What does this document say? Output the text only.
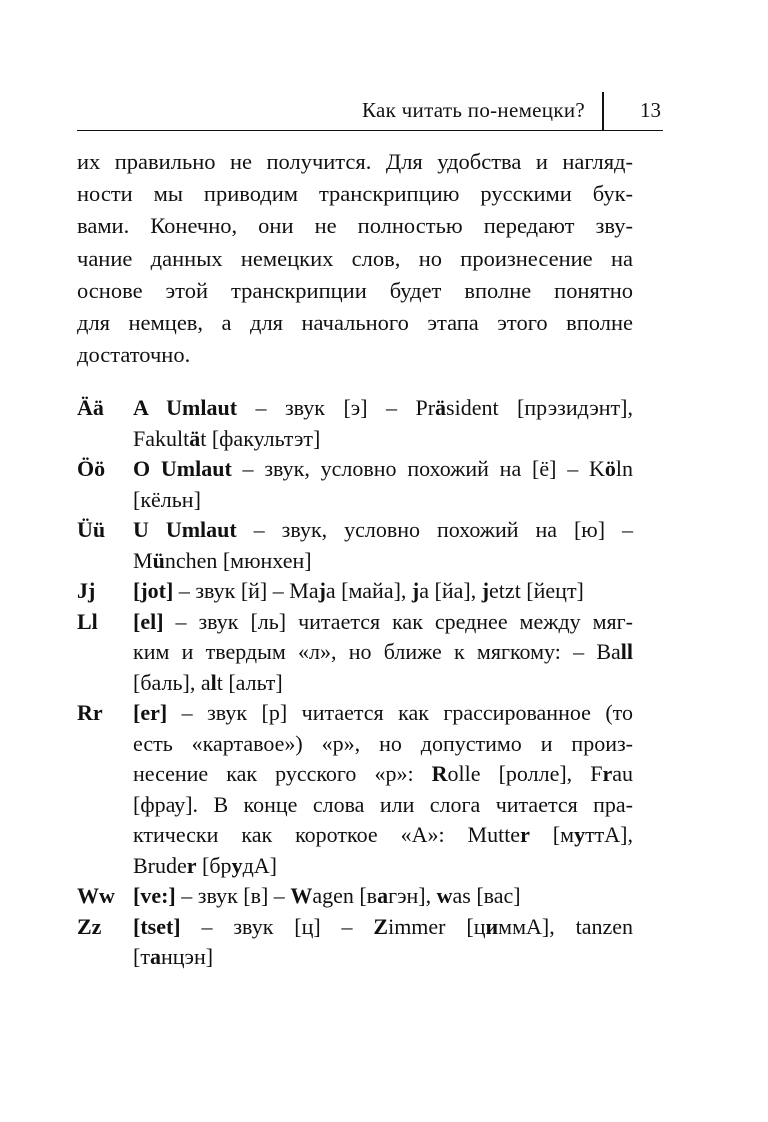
Как читать по-немецки?	13

их правильно не получится. Для удобства и нагляд-
ности мы приводим транскрипцию русскими бук-
вами. Конечно, они не полностью передают зву-
чание данных немецких слов, но произнесение на
основе этой транскрипции будет вполне понятно
для немцев, а для начального этапа этого вполне
достаточно.

Ää	A Umlaut – звук [э] – Präsident [прэзидэнт],
Fakultät [факультэт]
Öö	O Umlaut – звук, условно похожий на [ё] – Köln
[кёльн]
Üü	U Umlaut – звук, условно похожий на [ю] –
München [мюнхен]
Jj	[jot] – звук [й] – Maja [майа], ja [йа], jetzt [йецт]
Ll	[el] – звук [ль] читается как среднее между мяг-
ким и твердым «л», но ближе к мягкому: – Ball
[баль], alt [альт]
Rr	[er] – звук [р] читается как грассированное (то
есть «картавое») «р», но допустимо и произ-
несение как русского «р»: Rolle [ролле], Frau
[фрау]. В конце слова или слога читается пра-
ктически как короткое «А»: Mutter [муттА],
Bruder [брудА]
Ww [ve:] – звук [в] – Wagen [вагэн], was [вас]
Zz	[tset] – звук [ц] – Zimmer [циммА], tanzen
[танцэн]
